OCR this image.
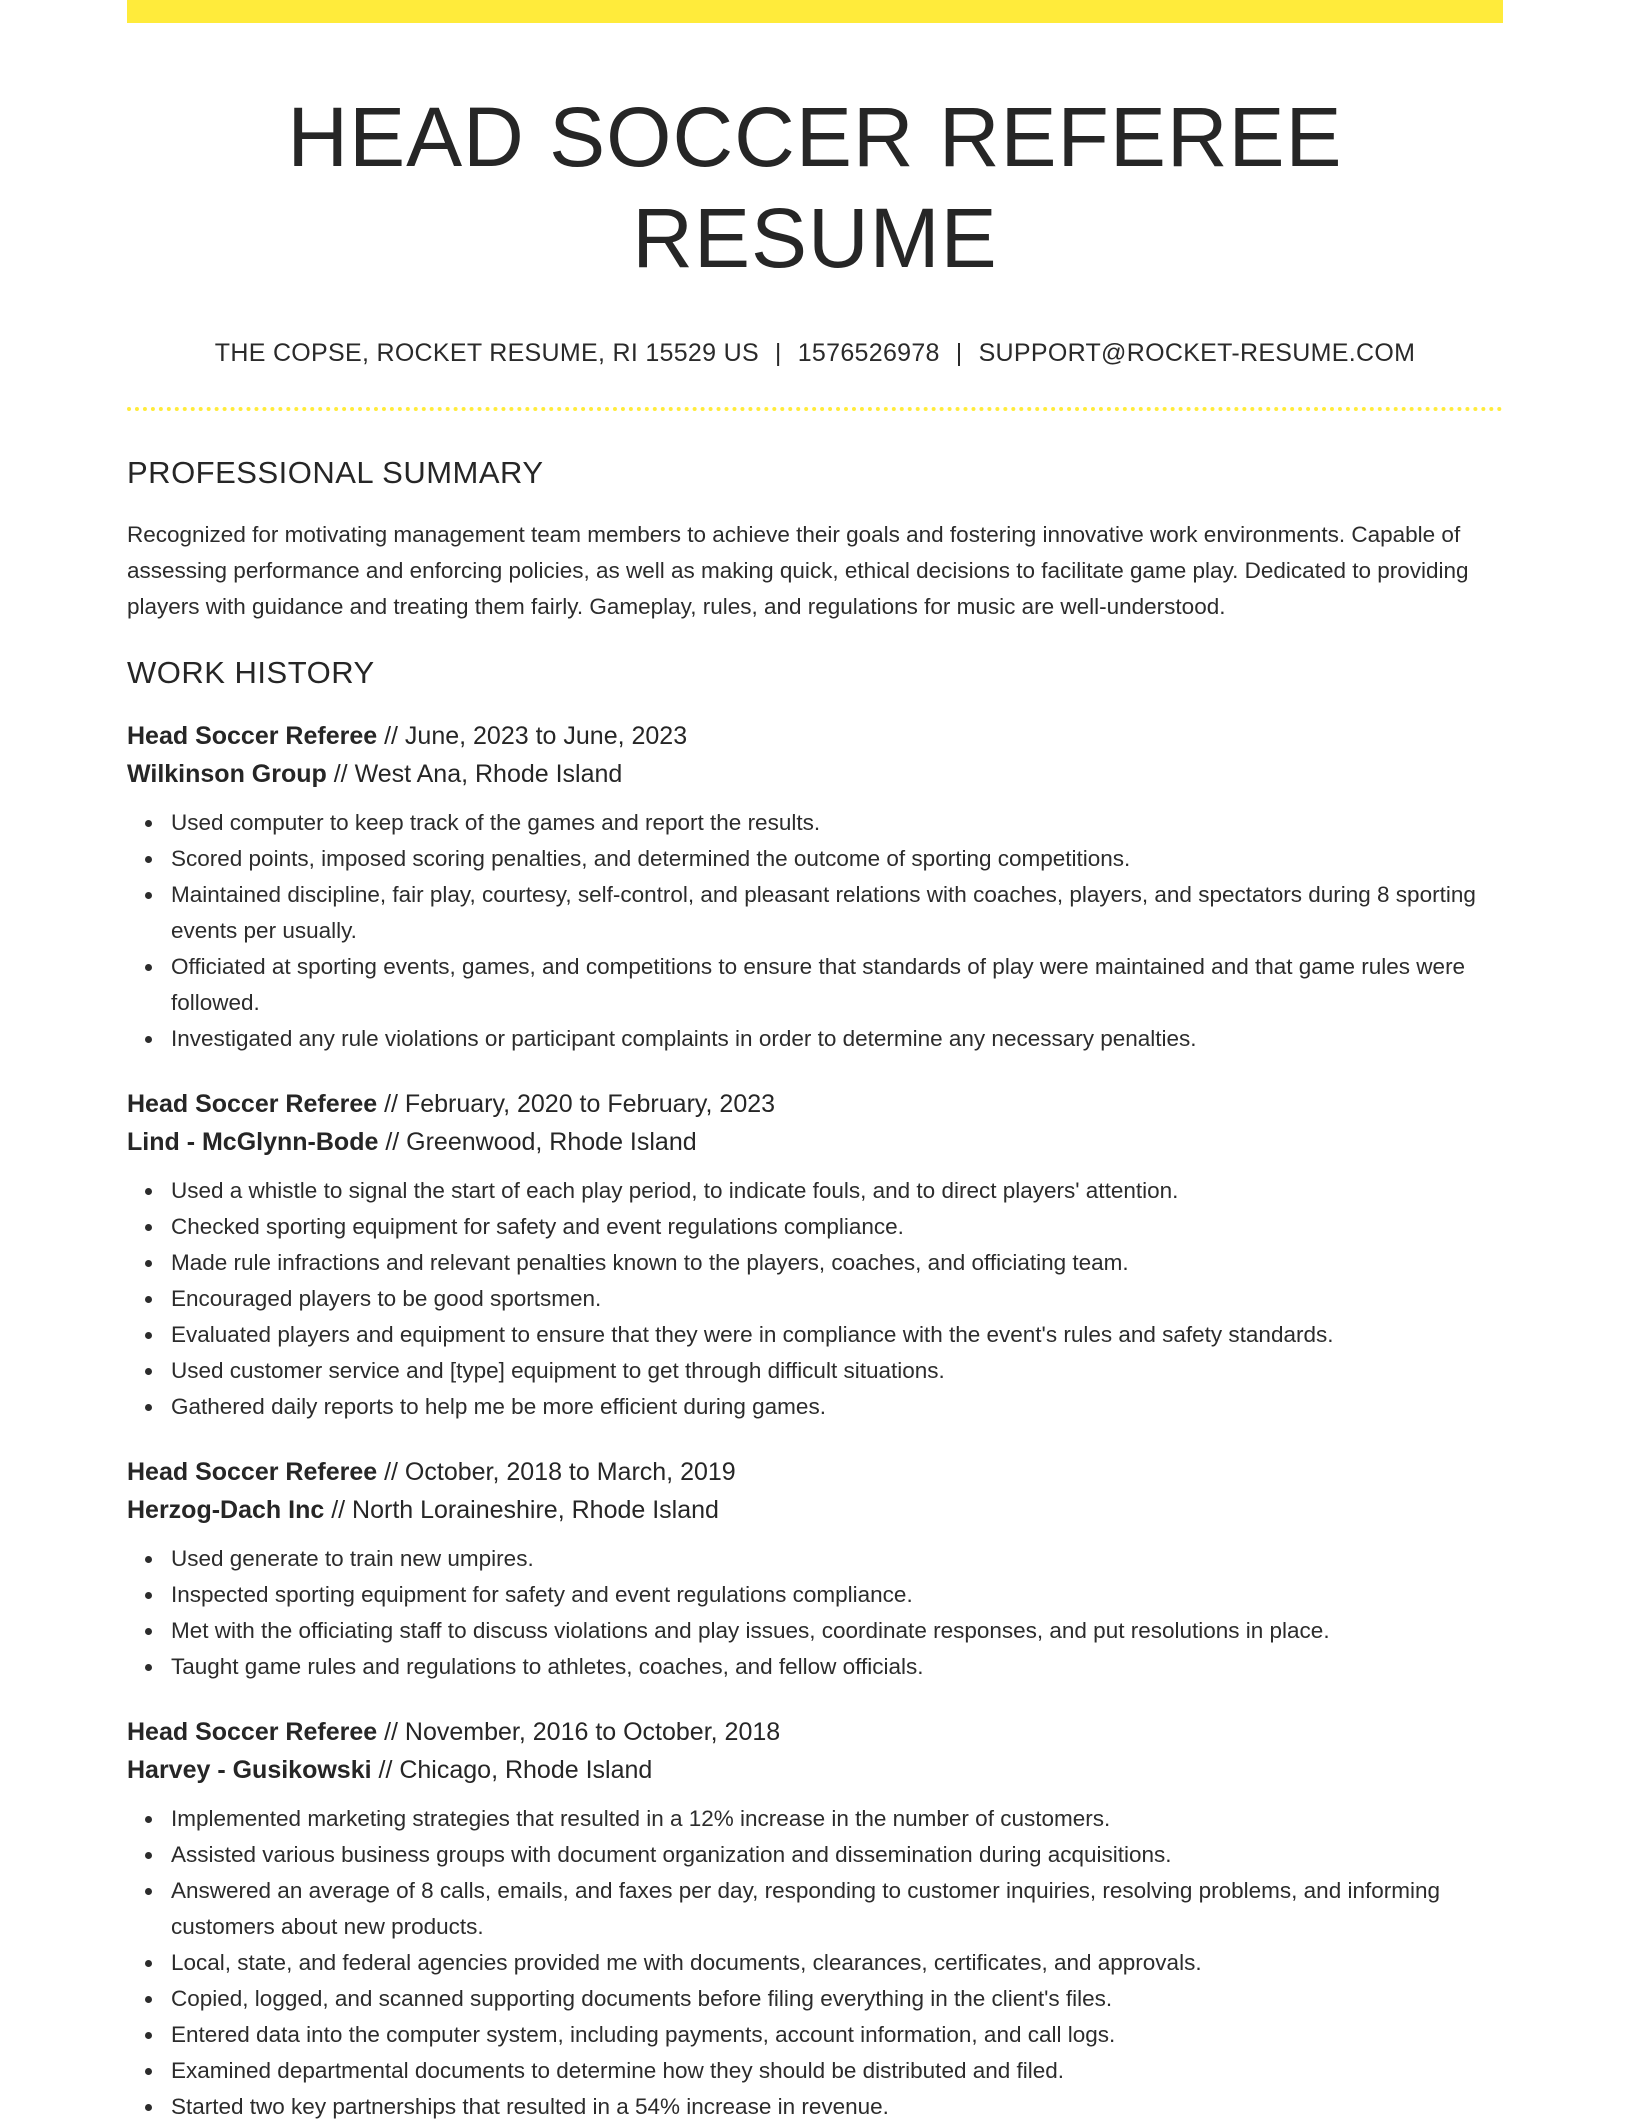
HEAD SOCCER REFEREE RESUME
THE COPSE, ROCKET RESUME, RI 15529 US | 1576526978 | SUPPORT@ROCKET-RESUME.COM
PROFESSIONAL SUMMARY

Recognized for motivating management team members to achieve their goals and fostering innovative work environments. Capable of assessing performance and enforcing policies, as well as making quick, ethical decisions to facilitate game play. Dedicated to providing players with guidance and treating them fairly. Gameplay, rules, and regulations for music are well-understood.

WORK HISTORY
Head Soccer Referee // June, 2023 to June, 2023
Wilkinson Group // West Ana, Rhode Island
Used computer to keep track of the games and report the results.
Scored points, imposed scoring penalties, and determined the outcome of sporting competitions.
Maintained discipline, fair play, courtesy, self-control, and pleasant relations with coaches, players, and spectators during 8 sporting events per usually.
Officiated at sporting events, games, and competitions to ensure that standards of play were maintained and that game rules were followed.
Investigated any rule violations or participant complaints in order to determine any necessary penalties.
Head Soccer Referee // February, 2020 to February, 2023
Lind - McGlynn-Bode // Greenwood, Rhode Island
Used a whistle to signal the start of each play period, to indicate fouls, and to direct players' attention.
Checked sporting equipment for safety and event regulations compliance.
Made rule infractions and relevant penalties known to the players, coaches, and officiating team.
Encouraged players to be good sportsmen.
Evaluated players and equipment to ensure that they were in compliance with the event's rules and safety standards.
Used customer service and [type] equipment to get through difficult situations.
Gathered daily reports to help me be more efficient during games.
Head Soccer Referee // October, 2018 to March, 2019
Herzog-Dach Inc // North Loraineshire, Rhode Island
Used generate to train new umpires.
Inspected sporting equipment for safety and event regulations compliance.
Met with the officiating staff to discuss violations and play issues, coordinate responses, and put resolutions in place.
Taught game rules and regulations to athletes, coaches, and fellow officials.
Head Soccer Referee // November, 2016 to October, 2018
Harvey - Gusikowski // Chicago, Rhode Island
Implemented marketing strategies that resulted in a 12% increase in the number of customers.
Assisted various business groups with document organization and dissemination during acquisitions.
Answered an average of 8 calls, emails, and faxes per day, responding to customer inquiries, resolving problems, and informing customers about new products.
Local, state, and federal agencies provided me with documents, clearances, certificates, and approvals.
Copied, logged, and scanned supporting documents before filing everything in the client's files.
Entered data into the computer system, including payments, account information, and call logs.
Examined departmental documents to determine how they should be distributed and filed.
Started two key partnerships that resulted in a 54% increase in revenue.
